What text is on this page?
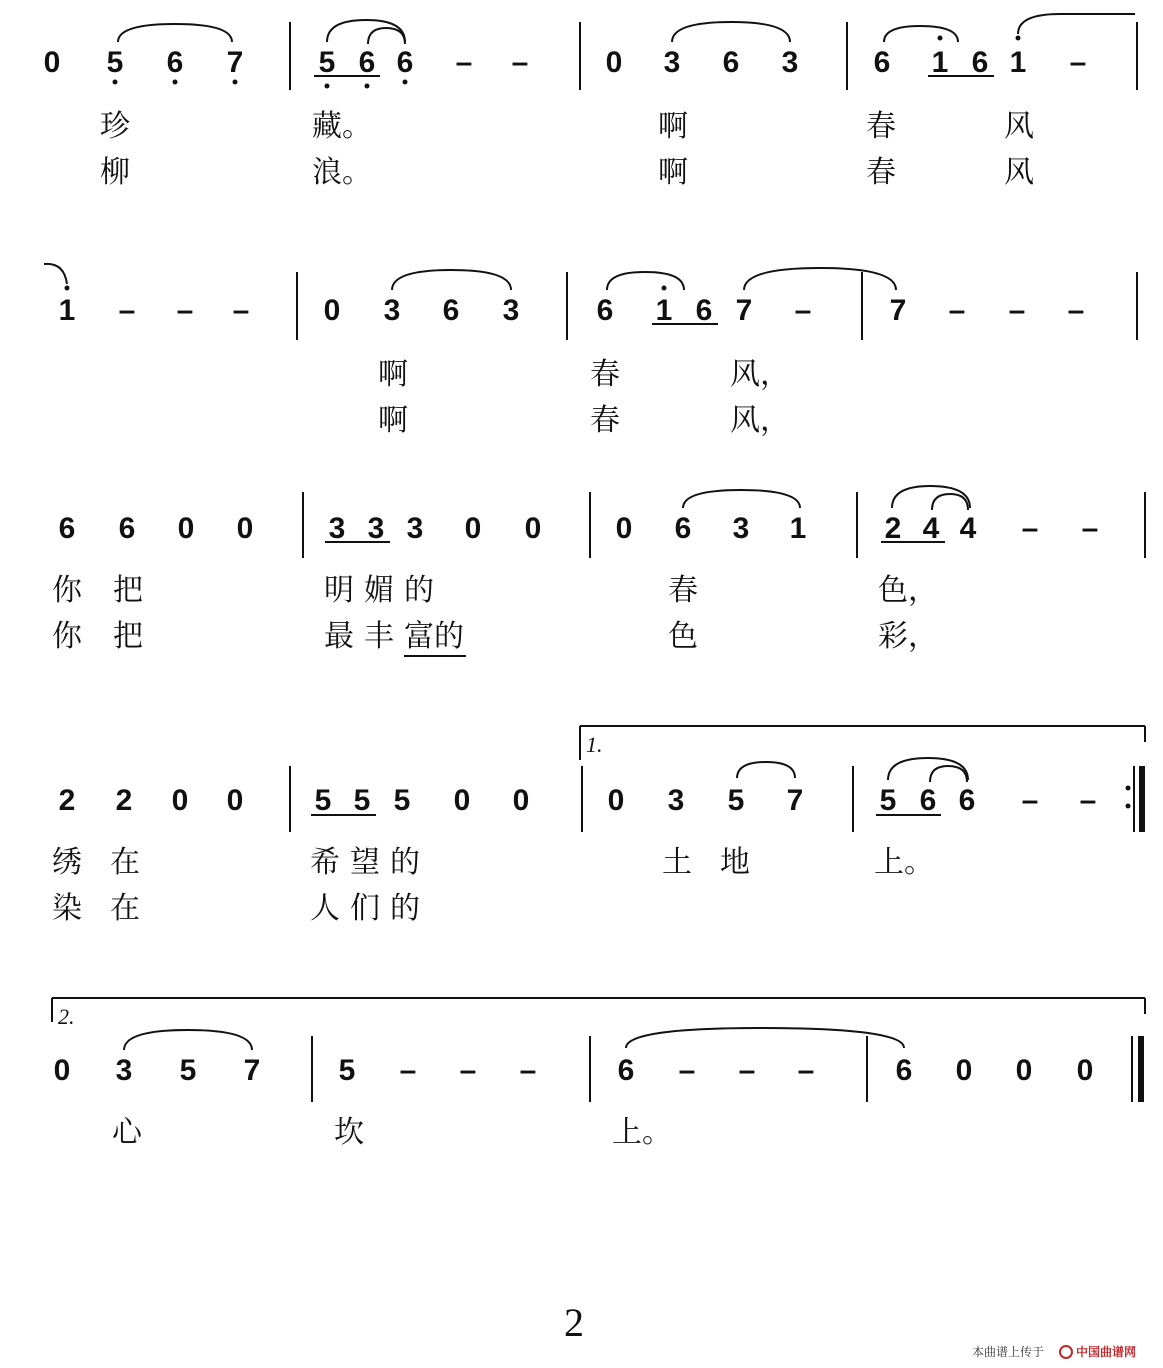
0 5 6 7	5 6 6 – –	0 3 6 3	6 1 6 1 –
珍	藏。	啊	春	风
柳	浪。	啊	春	风
1 – – – 0 3 6 3	6 1 6 7 –	7 – – –
啊	春	风，
啊	春	风，
6 6 0 0	3 3 3 0 0 0 6 3 1	2 4 4 – –
你 把	明 媚 的	春	色，
你 把	最 丰 富 的	色	彩，
1.
2 2 0 0 5 5 5 0 0	0 3 5 7	5 6 6 – –
绣 在	希 望 的	土 地	上。
染 在	人 们 的
2.
0 3 5 7	5 – – –	6 – – –	6 0 0 0
心	坎	上。
2
本曲谱上传于	中国曲谱网
